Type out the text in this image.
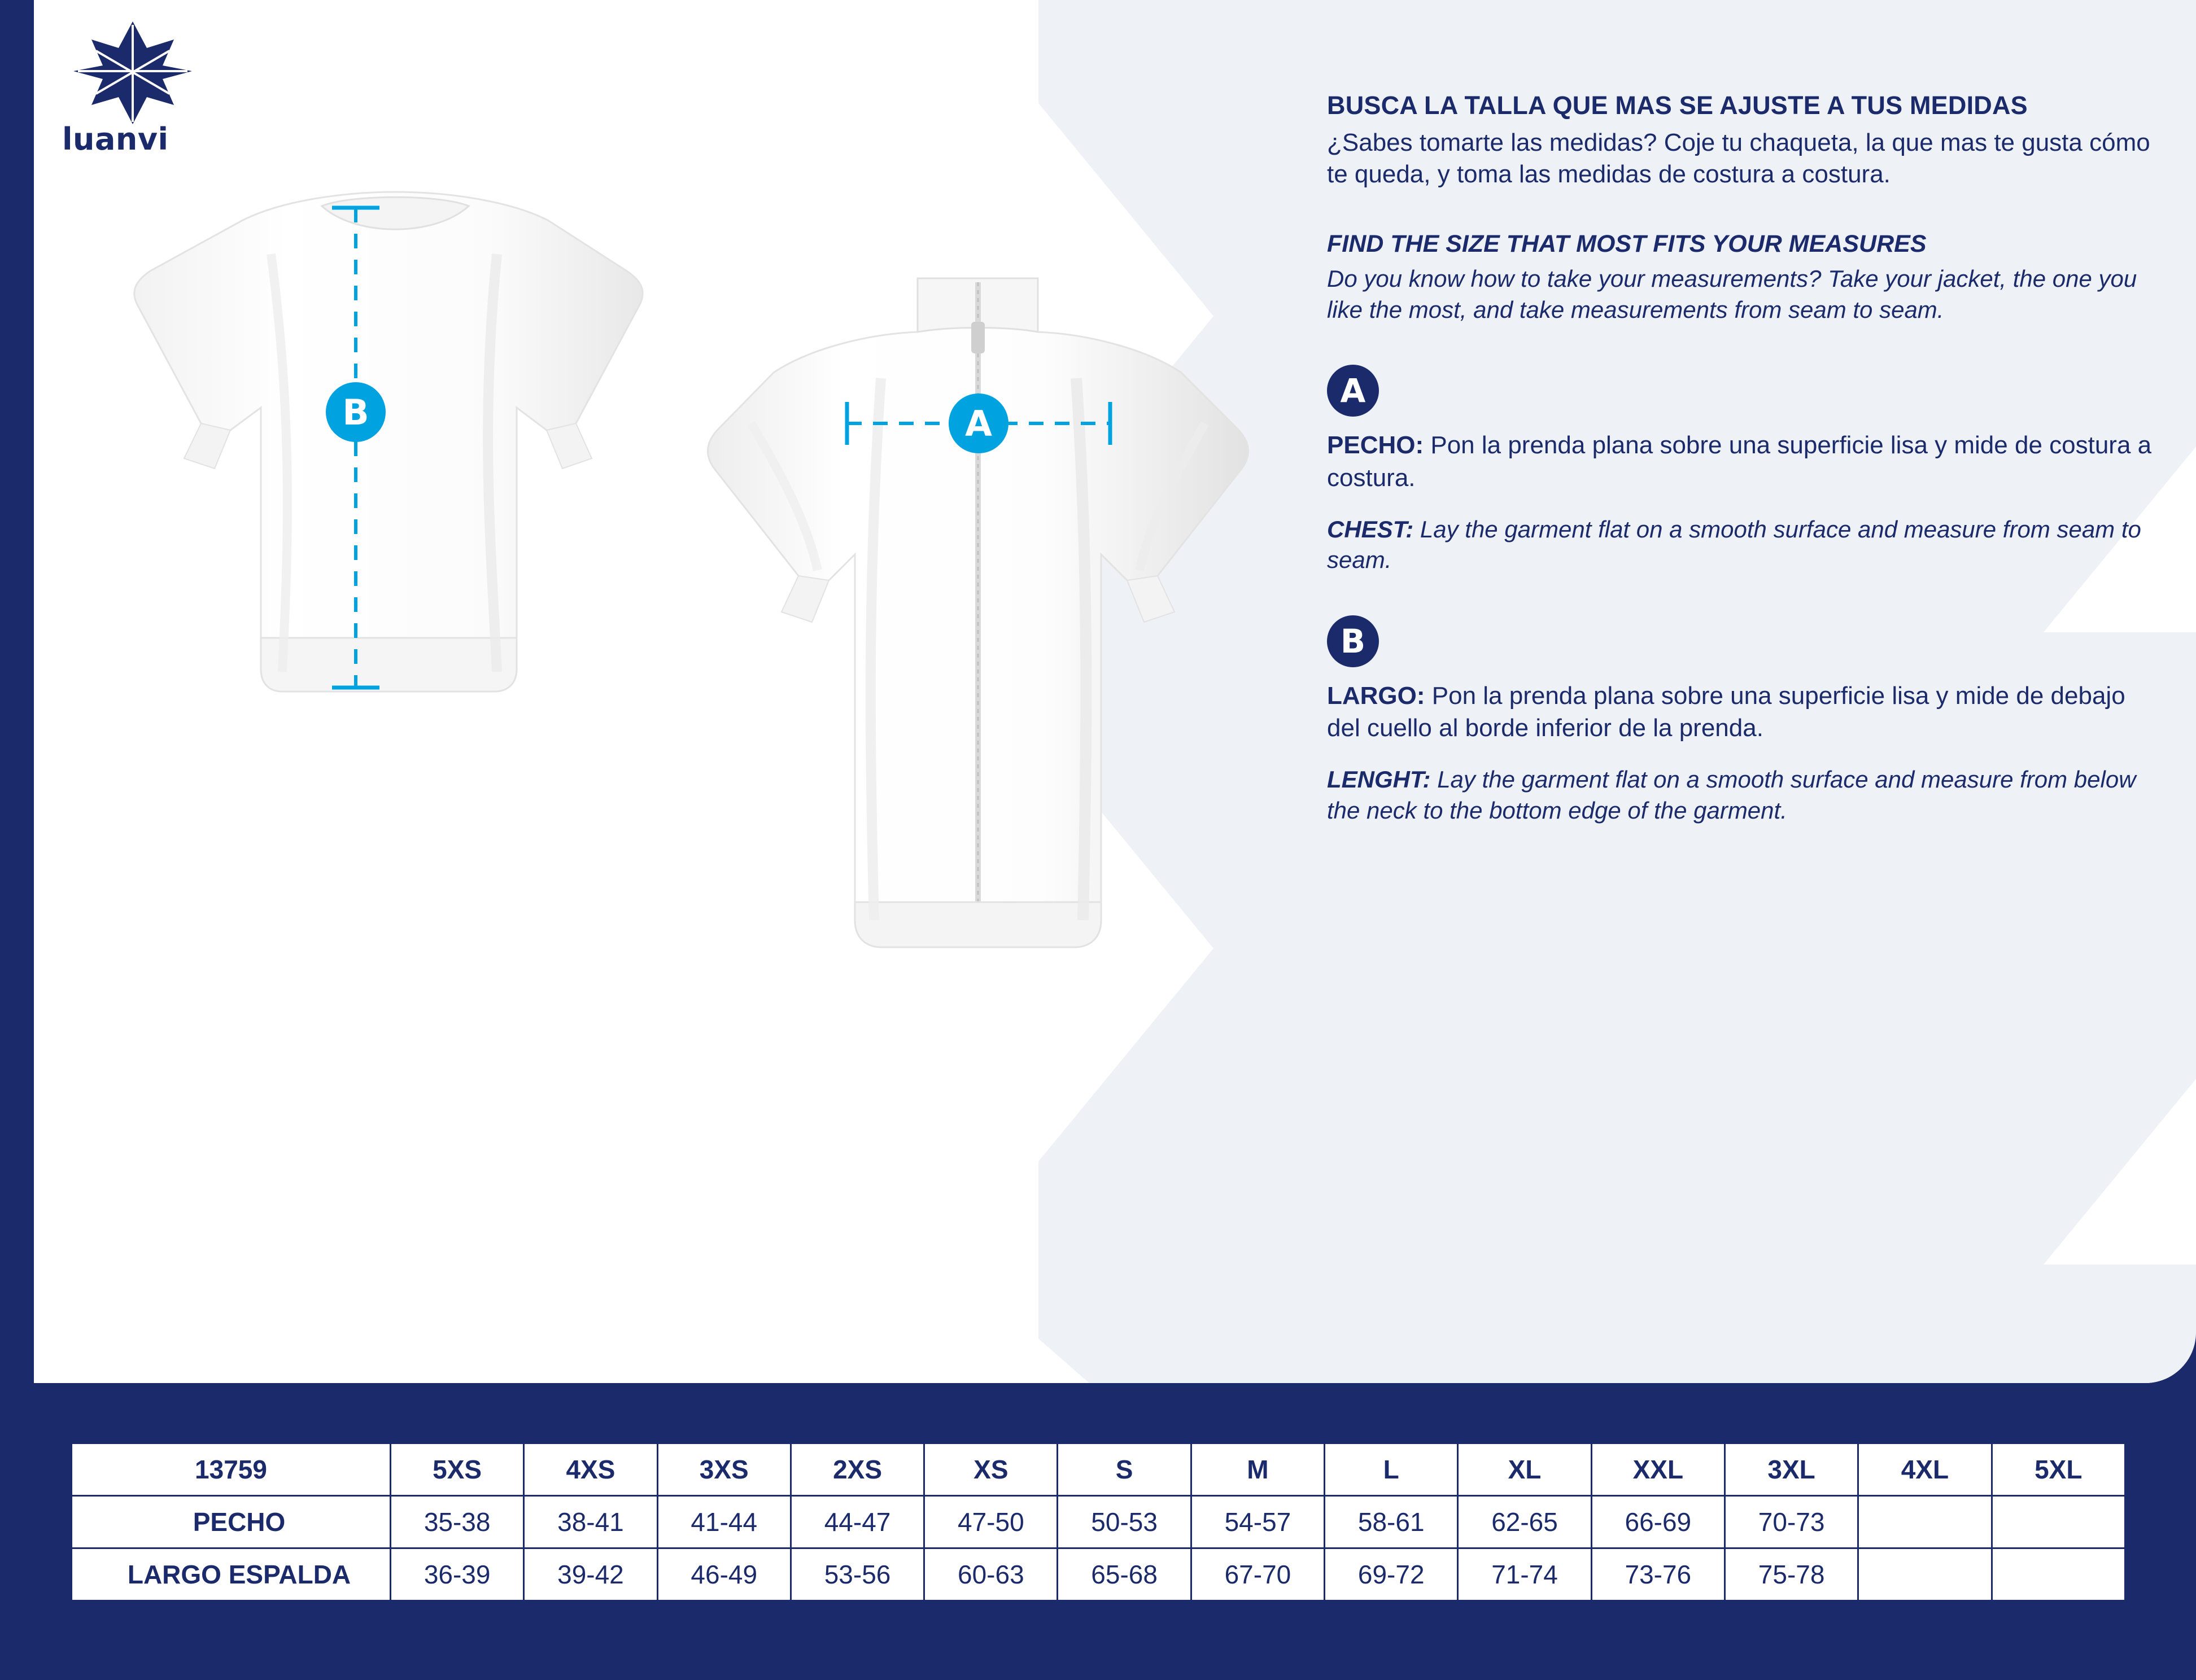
luanvi
B	A
BUSCA LA TALLA QUE MAS SE AJUSTE A TUS MEDIDAS

¿Sabes tomarte las medidas? Coje tu chaqueta, la que mas te gusta cómo te queda, y toma las medidas de costura a costura.

FIND THE SIZE THAT MOST FITS YOUR MEASURES

Do you know how to take your measurements? Take your jacket, the one you like the most, and take measurements from seam to seam.

A

PECHO: Pon la prenda plana sobre una superficie lisa y mide de costura a costura.

CHEST: Lay the garment flat on a smooth surface and measure from seam to seam.

B

LARGO: Pon la prenda plana sobre una superficie lisa y mide de debajo del cuello al borde inferior de la prenda.

LENGHT: Lay the garment flat on a smooth surface and measure from below the neck to the bottom edge of the garment.

13759	5XS	4XS	3XS	2XS	XS	S	M	L	XL	XXL	3XL	4XL	5XL
PECHO	35-38	38-41	41-44	44-47	47-50	50-53	54-57	58-61	62-65	66-69	70-73		
LARGO ESPALDA	36-39	39-42	46-49	53-56	60-63	65-68	67-70	69-72	71-74	73-76	75-78		
